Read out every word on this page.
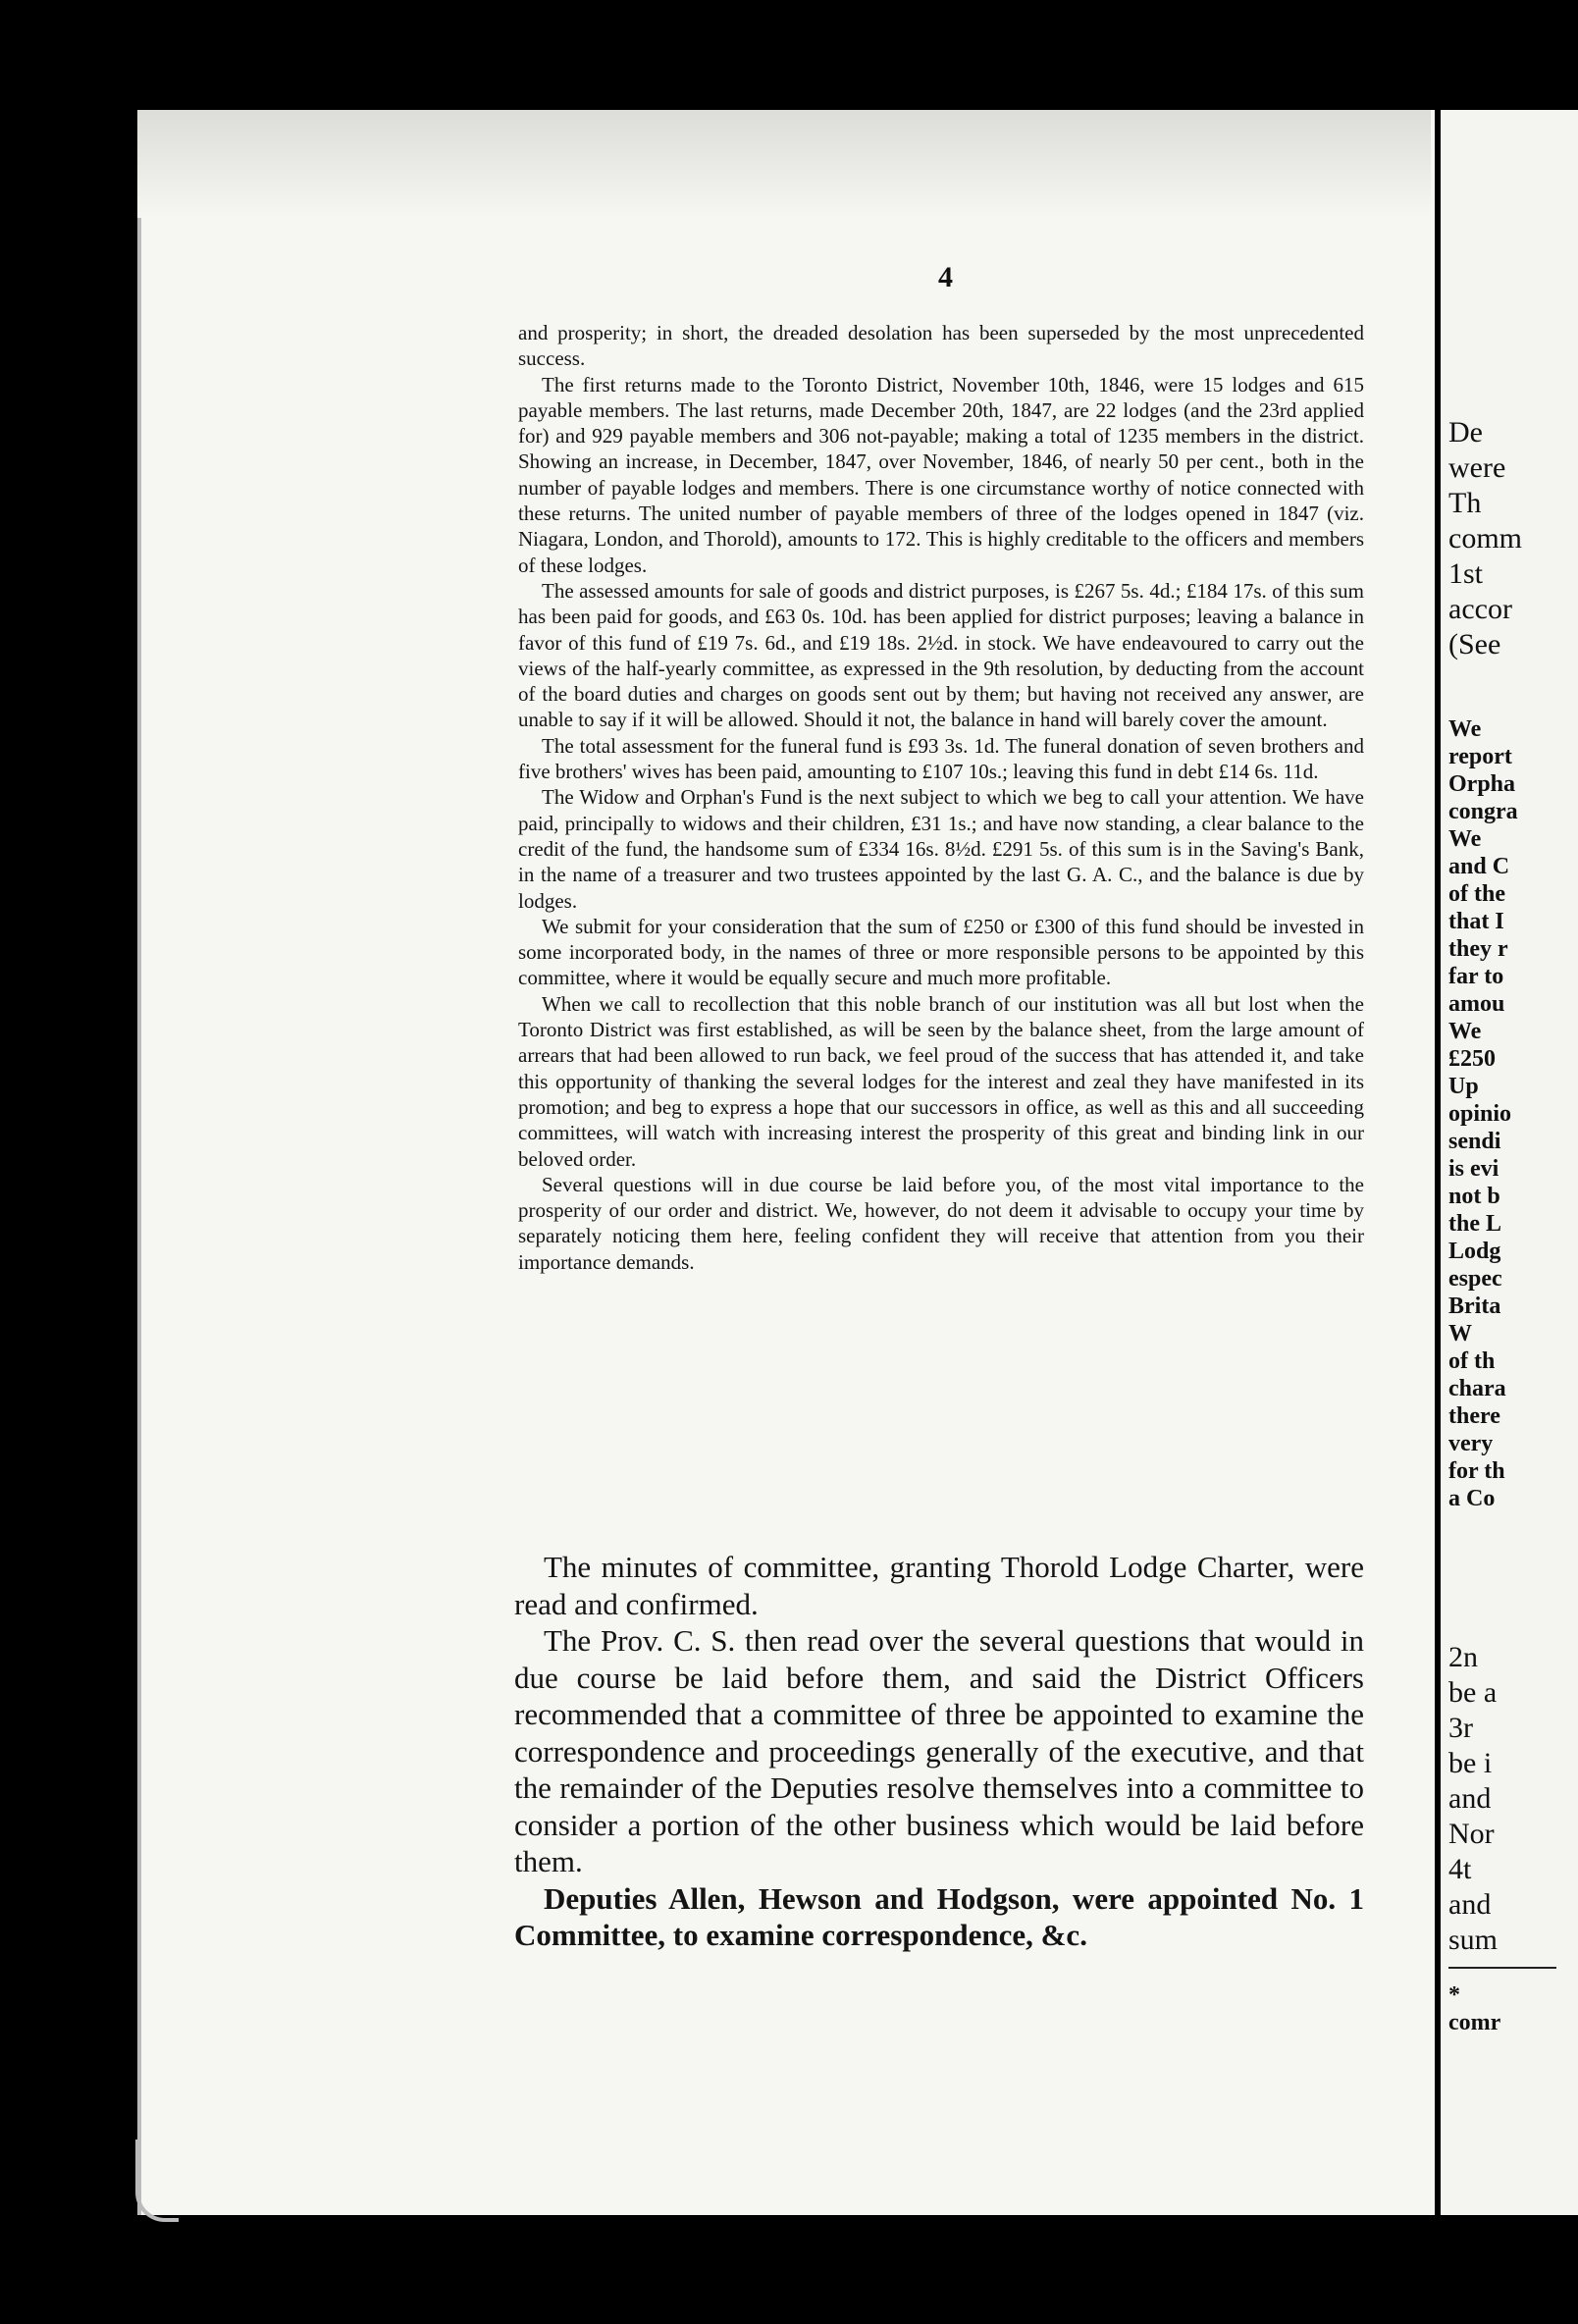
4

and prosperity; in short, the dreaded desolation has been superseded by the most unprecedented success.

The first returns made to the Toronto District, November 10th, 1846, were 15 lodges and 615 payable members. The last returns, made December 20th, 1847, are 22 lodges (and the 23rd applied for) and 929 payable members and 306 not-payable; making a total of 1235 members in the district. Showing an increase, in December, 1847, over November, 1846, of nearly 50 per cent., both in the number of payable lodges and members. There is one circumstance worthy of notice connected with these returns. The united number of payable members of three of the lodges opened in 1847 (viz. Niagara, London, and Thorold), amounts to 172. This is highly creditable to the officers and members of these lodges.

The assessed amounts for sale of goods and district purposes, is £267 5s. 4d.; £184 17s. of this sum has been paid for goods, and £63 0s. 10d. has been applied for district purposes; leaving a balance in favor of this fund of £19 7s. 6d., and £19 18s. 2½d. in stock. We have endeavoured to carry out the views of the half-yearly committee, as expressed in the 9th resolution, by deducting from the account of the board duties and charges on goods sent out by them; but having not received any answer, are unable to say if it will be allowed. Should it not, the balance in hand will barely cover the amount.

The total assessment for the funeral fund is £93 3s. 1d. The funeral donation of seven brothers and five brothers' wives has been paid, amounting to £107 10s.; leaving this fund in debt £14 6s. 11d.

The Widow and Orphan's Fund is the next subject to which we beg to call your attention. We have paid, principally to widows and their children, £31 1s.; and have now standing, a clear balance to the credit of the fund, the handsome sum of £334 16s. 8½d. £291 5s. of this sum is in the Saving's Bank, in the name of a treasurer and two trustees appointed by the last G. A. C., and the balance is due by lodges.

We submit for your consideration that the sum of £250 or £300 of this fund should be invested in some incorporated body, in the names of three or more responsible persons to be appointed by this committee, where it would be equally secure and much more profitable.

When we call to recollection that this noble branch of our institution was all but lost when the Toronto District was first established, as will be seen by the balance sheet, from the large amount of arrears that had been allowed to run back, we feel proud of the success that has attended it, and take this opportunity of thanking the several lodges for the interest and zeal they have manifested in its promotion; and beg to express a hope that our successors in office, as well as this and all succeeding committees, will watch with increasing interest the prosperity of this great and binding link in our beloved order.

Several questions will in due course be laid before you, of the most vital importance to the prosperity of our order and district. We, however, do not deem it advisable to occupy your time by separately noticing them here, feeling confident they will receive that attention from you their importance demands.

The minutes of committee, granting Thorold Lodge Charter, were read and confirmed.

The Prov. C. S. then read over the several questions that would in due course be laid before them, and said the District Officers recommended that a committee of three be appointed to examine the correspondence and proceedings generally of the executive, and that the remainder of the Deputies resolve themselves into a committee to consider a portion of the other business which would be laid before them.

Deputies Allen, Hewson and Hodgson, were appointed No. 1 Committee, to examine correspondence, &c.

De
were
Th
comm
1st
accor
(See
We
report
Orpha
congra
We
and C
of the
that I
they r
far to
amou
We
£250
Up
opinio
sendi
is evi
not b
the L
Lodg
espec
Brita
W
of th
chara
there
very
for th
a Co
2n
be a
3r
be i
and
Nor
4t
and
sum
*
comr
